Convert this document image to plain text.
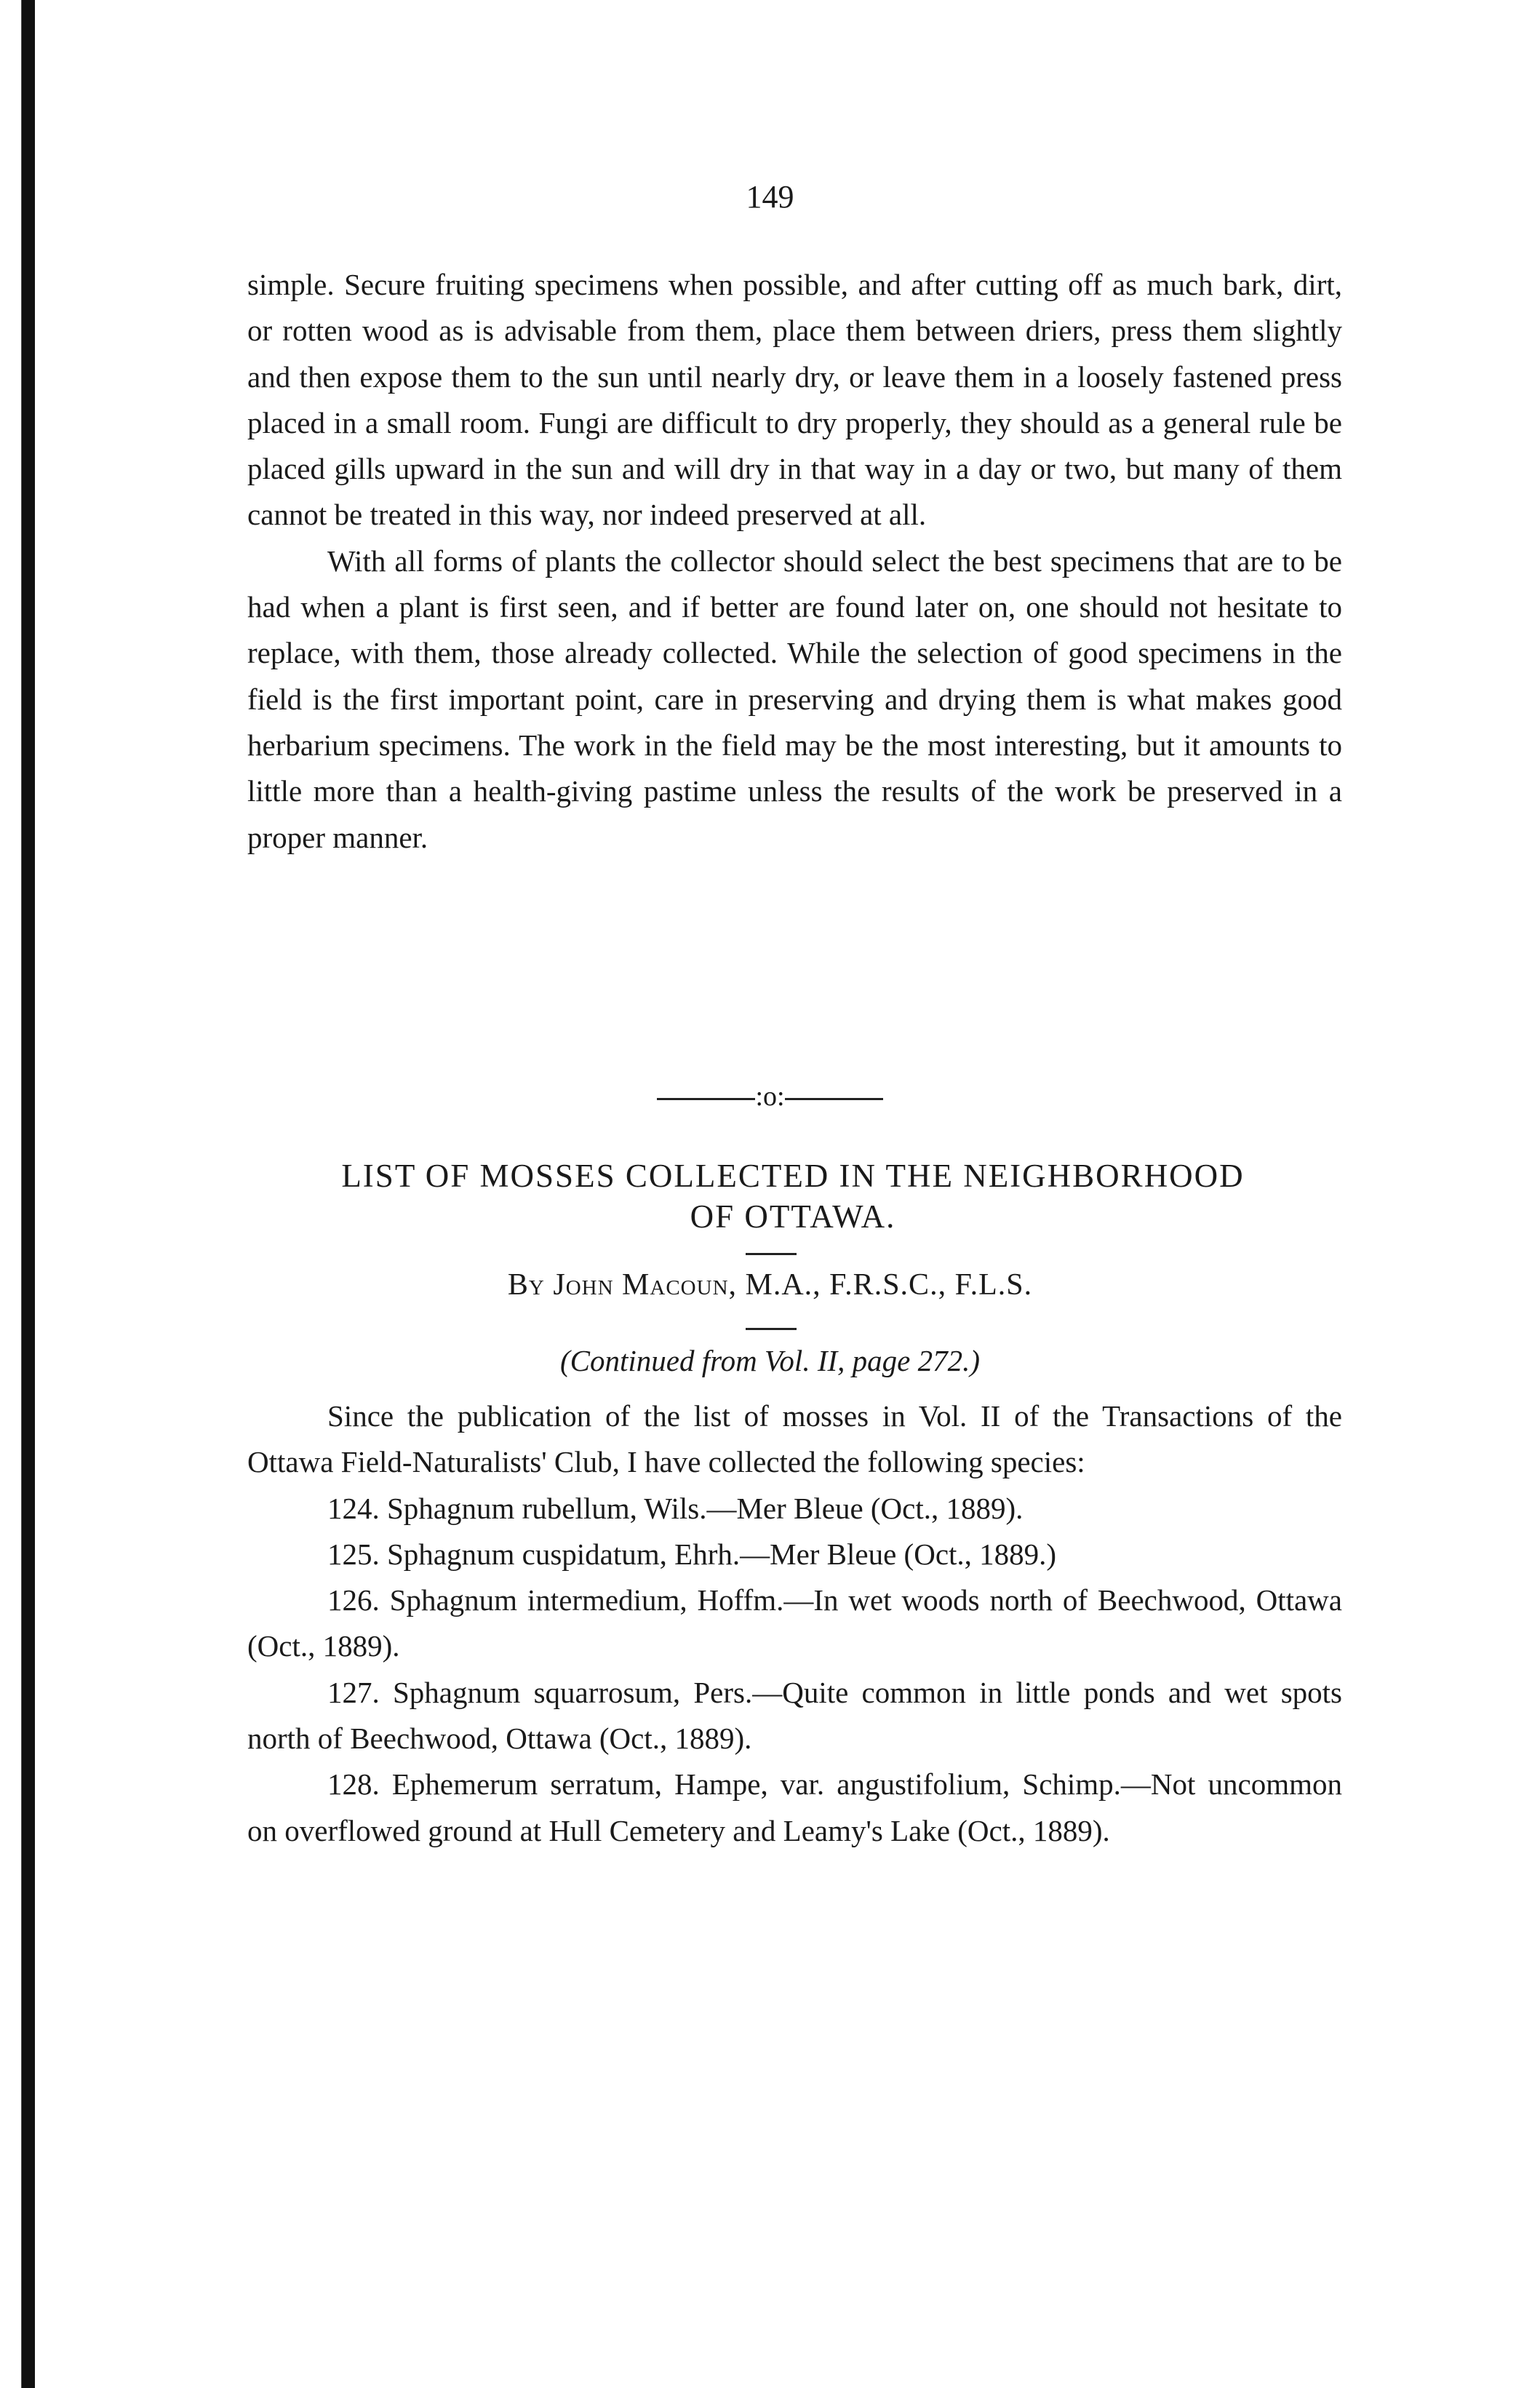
149

simple. Secure fruiting specimens when possible, and after cutting off as much bark, dirt, or rotten wood as is advisable from them, place them between driers, press them slightly and then expose them to the sun until nearly dry, or leave them in a loosely fastened press placed in a small room. Fungi are difficult to dry properly, they should as a general rule be placed gills upward in the sun and will dry in that way in a day or two, but many of them cannot be treated in this way, nor indeed preserved at all.

With all forms of plants the collector should select the best specimens that are to be had when a plant is first seen, and if better are found later on, one should not hesitate to replace, with them, those already collected. While the selection of good specimens in the field is the first important point, care in preserving and drying them is what makes good herbarium specimens. The work in the field may be the most interesting, but it amounts to little more than a health-giving pastime unless the results of the work be preserved in a proper manner.

:o:
LIST OF MOSSES COLLECTED IN THE NEIGHBORHOOD
OF OTTAWA.
By John Macoun, M.A., F.R.S.C., F.L.S.
(Continued from Vol. II, page 272.)

Since the publication of the list of mosses in Vol. II of the Transactions of the Ottawa Field-Naturalists' Club, I have collected the following species:

124. Sphagnum rubellum, Wils.—Mer Bleue (Oct., 1889).

125. Sphagnum cuspidatum, Ehrh.—Mer Bleue (Oct., 1889.)

126. Sphagnum intermedium, Hoffm.—In wet woods north of Beechwood, Ottawa (Oct., 1889).

127. Sphagnum squarrosum, Pers.—Quite common in little ponds and wet spots north of Beechwood, Ottawa (Oct., 1889).

128. Ephemerum serratum, Hampe, var. angustifolium, Schimp.—Not uncommon on overflowed ground at Hull Cemetery and Leamy's Lake (Oct., 1889).
